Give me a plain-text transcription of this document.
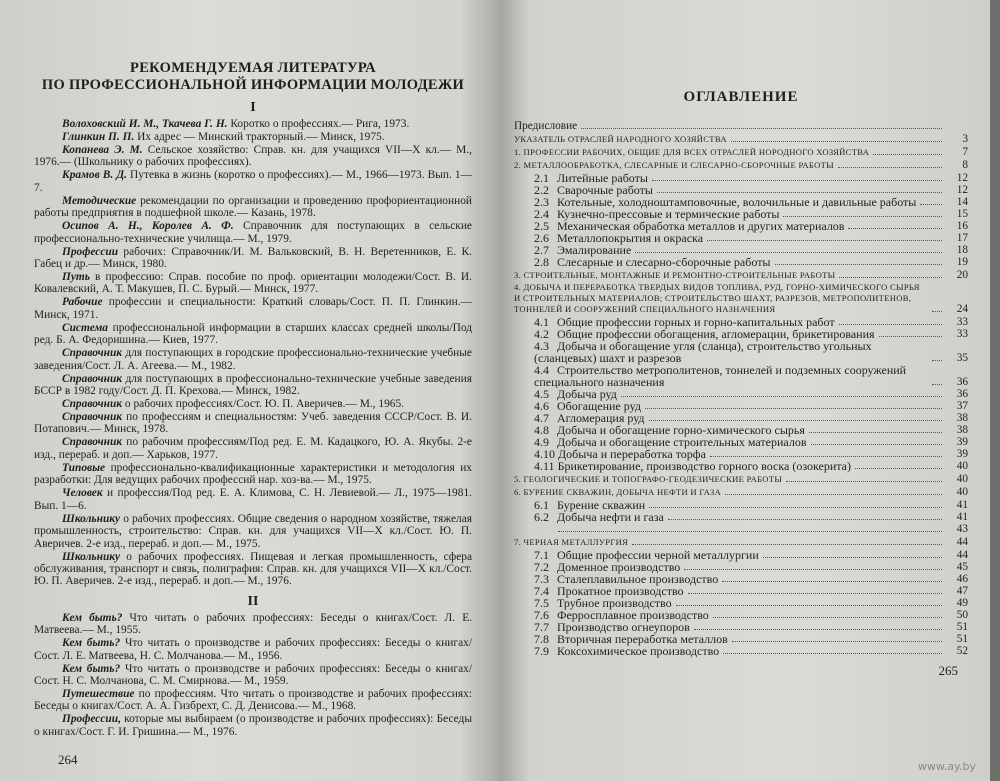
РЕКОМЕНДУЕМАЯ ЛИТЕРАТУРА
ПО ПРОФЕССИОНАЛЬНОЙ ИНФОРМАЦИИ МОЛОДЕЖИ
I

Волоховский И. М., Ткачева Г. Н. Коротко о профессиях.— Рига, 1973.

Глинкин П. П. Их адрес — Минский тракторный.— Минск, 1975.

Копанева Э. М. Сельское хозяйство: Справ. кн. для учащихся VII—X кл.— М., 1976.— (Школьнику о рабочих профессиях).

Крамов В. Д. Путевка в жизнь (коротко о профессиях).— М., 1966—1973. Вып. 1—7.

Методические рекомендации по организации и проведению профориентационной работы предприятия в подшефной школе.— Казань, 1978.

Осипов А. Н., Королев А. Ф. Справочник для поступающих в сельские профессионально-технические училища.— М., 1979.

Профессии рабочих: Справочник/И. М. Вальковский, В. Н. Веретенников, Е. К. Габец и др.— Минск, 1980.

Путь в профессию: Справ. пособие по проф. ориентации молодежи/Сост. В. И. Ковалевский, А. Т. Макушев, П. С. Бурый.— Минск, 1977.

Рабочие профессии и специальности: Краткий словарь/Сост. П. П. Глинкин.— Минск, 1971.

Система профессиональной информации в старших классах средней школы/Под ред. Б. А. Федоришина.— Киев, 1977.

Справочник для поступающих в городские профессионально-технические учебные заведения/Сост. Л. А. Агеева.— М., 1982.

Справочник для поступающих в профессионально-технические учебные заведения БССР в 1982 году/Сост. Д. П. Крехова.— Минск, 1982.

Справочник о рабочих профессиях/Сост. Ю. П. Аверичев.— М., 1965.

Справочник по профессиям и специальностям: Учеб. заведения СССР/Сост. В. И. Потапович.— Минск, 1978.

Справочник по рабочим профессиям/Под ред. Е. М. Кадацкого, Ю. А. Якубы. 2-е изд., перераб. и доп.— Харьков, 1977.

Типовые профессионально-квалификационные характеристики и методология их разработки: Для ведущих рабочих профессий нар. хоз-ва.— М., 1975.

Человек и профессия/Под ред. Е. А. Климова, С. Н. Левиевой.— Л., 1975—1981. Вып. 1—6.

Школьнику о рабочих профессиях. Общие сведения о народном хозяйстве, тяжелая промышленность, строительство: Справ. кн. для учащихся VII—X кл./Сост. Ю. П. Аверичев. 2-е изд., перераб. и доп.— М., 1975.

Школьнику о рабочих профессиях. Пищевая и легкая промышленность, сфера обслуживания, транспорт и связь, полиграфия: Справ. кн. для учащихся VII—X кл./Сост. Ю. П. Аверичев. 2-е изд., перераб. и доп.— М., 1976.

II

Кем быть? Что читать о рабочих профессиях: Беседы о книгах/Сост. Л. Е. Матвеева.— М., 1955.

Кем быть? Что читать о производстве и рабочих профессиях: Беседы о книгах/Сост. Л. Е. Матвеева, Н. С. Молчанова.— М., 1956.

Кем быть? Что читать о производстве и рабочих профессиях: Беседы о книгах/Сост. Н. С. Молчанова, С. М. Смирнова.— М., 1959.

Путешествие по профессиям. Что читать о производстве и рабочих профессиях: Беседы о книгах/Сост. А. А. Гизбрехт, С. Д. Денисова.— М., 1968.

Профессии, которые мы выбираем (о производстве и рабочих профессиях): Беседы о книгах/Сост. Г. И. Гришина.— М., 1976.

264
ОГЛАВЛЕНИЕ
Предисловие
УКАЗАТЕЛЬ ОТРАСЛЕЙ НАРОДНОГО ХОЗЯЙСТВА	3
1. ПРОФЕССИИ РАБОЧИХ, ОБЩИЕ ДЛЯ ВСЕХ ОТРАСЛЕЙ НОРОДНОГО ХОЗЯЙСТВА	7
2. МЕТАЛЛООБРАБОТКА, СЛЕСАРНЫЕ И СЛЕСАРНО-СБОРОЧНЫЕ РАБОТЫ	8
2.1 Литейные работы	12
2.2 Сварочные работы	12
2.3 Котельные, холодноштамповочные, волочильные и давильные работы	14
2.4 Кузнечно-прессовые и термические работы	15
2.5 Механическая обработка металлов и других материалов	16
2.6 Металлопокрытия и окраска	17
2.7 Эмалирование	18
2.8 Слесарные и слесарно-сборочные работы	19
3. СТРОИТЕЛЬНЫЕ, МОНТАЖНЫЕ И РЕМОНТНО-СТРОИТЕЛЬНЫЕ РАБОТЫ	20
4. ДОБЫЧА И ПЕРЕРАБОТКА ТВЕРДЫХ ВИДОВ ТОПЛИВА, РУД, ГОРНО-ХИМИЧЕСКОГО СЫРЬЯ И СТРОИТЕЛЬНЫХ МАТЕРИАЛОВ; СТРОИТЕЛЬСТВО ШАХТ, РАЗРЕЗОВ, МЕТРОПОЛИТЕНОВ, ТОННЕЛЕЙ И СООРУЖЕНИЙ СПЕЦИАЛЬНОГО НАЗНАЧЕНИЯ	24
4.1 Общие профессии горных и горно-капитальных работ	33
4.2 Общие профессии обогащения, агломерации, брикетирования	33
4.3 Добыча и обогащение угля (сланца), строительство угольных (сланцевых) шахт и разрезов	35
4.4 Строительство метрополитенов, тоннелей и подземных сооружений специального назначения	36
4.5 Добыча руд	36
4.6 Обогащение руд	37
4.7 Агломерация руд	38
4.8 Добыча и обогащение горно-химического сырья	38
4.9 Добыча и обогащение строительных материалов	39
4.10 Добыча и переработка торфа	39
4.11 Брикетирование, производство горного воска (озокерита)	40
5. ГЕОЛОГИЧЕСКИЕ И ТОПОГРАФО-ГЕОДЕЗИЧЕСКИЕ РАБОТЫ	40
6. БУРЕНИЕ СКВАЖИН, ДОБЫЧА НЕФТИ И ГАЗА	40
6.1 Бурение скважин	41
6.2 Добыча нефти и газа	41
43
7. ЧЕРНАЯ МЕТАЛЛУРГИЯ	44
7.1 Общие профессии черной металлургии	44
7.2 Доменное производство	45
7.3 Сталеплавильное производство	46
7.4 Прокатное производство	47
7.5 Трубное производство	49
7.6 Ферросплавное производство	50
7.7 Производство огнеупоров	51
7.8 Вторичная переработка металлов	51
7.9 Коксохимическое производство	52
265
www.ay.by
